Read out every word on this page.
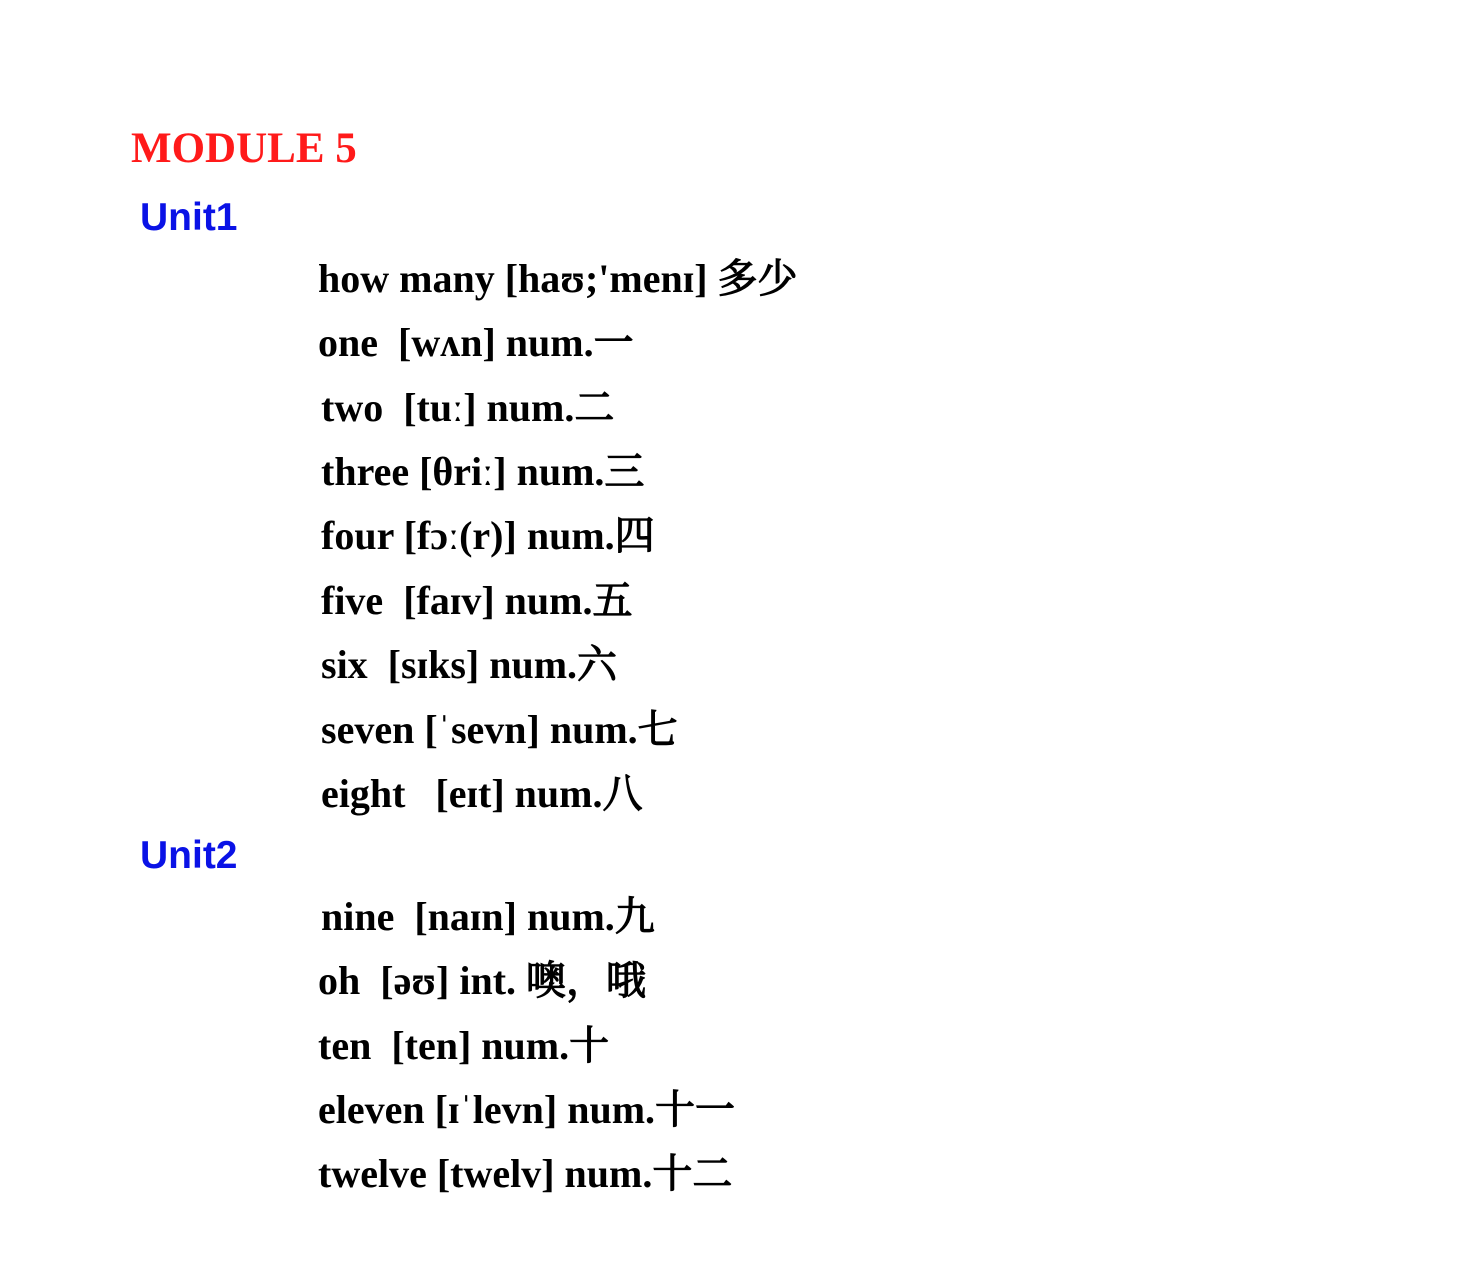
MODULE 5
Unit1
how many [haʊ;'menɪ] 多少
one  [wʌn] num.一
two  [tuː] num.二
three [θriː] num.三
four [fɔː(r)] num.四
five  [faɪv] num.五
six  [sɪks] num.六
seven [ˈsevn] num.七
eight   [eɪt] num.八
Unit2
nine  [naɪn] num.九
oh  [əʊ] int. 噢，哦
ten  [ten] num.十
eleven [ɪˈlevn] num.十一
twelve [twelv] num.十二
